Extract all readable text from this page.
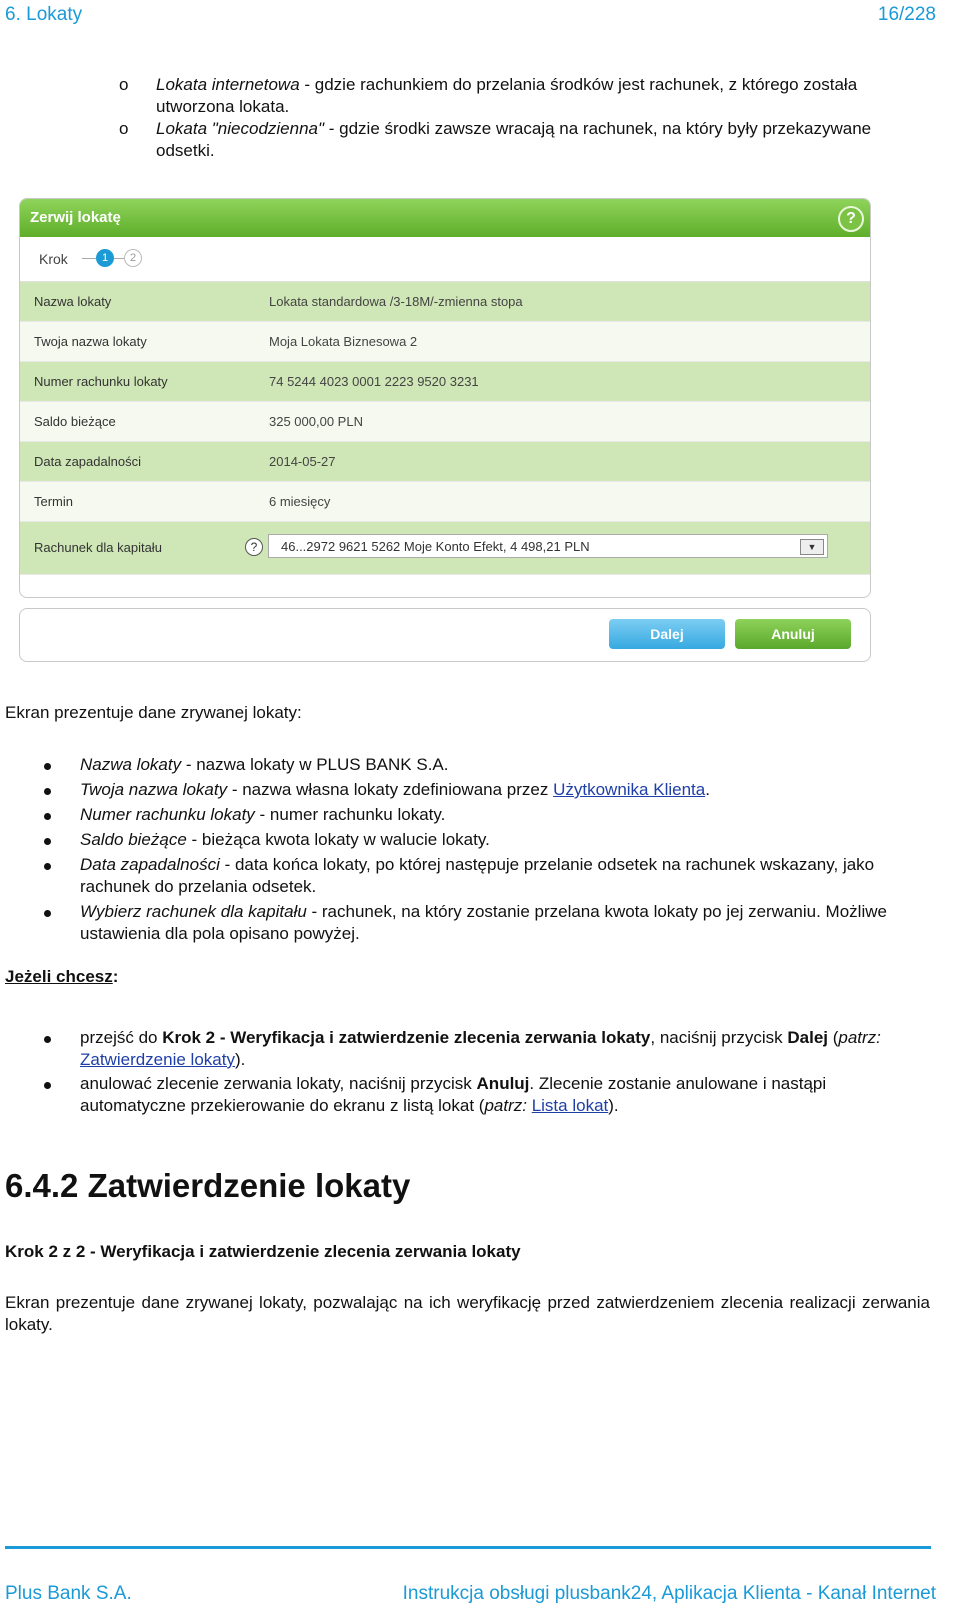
6. Lokaty	16/228
o Lokata internetowa - gdzie rachunkiem do przelania środków jest rachunek, z którego została utworzona lokata.
o Lokata "niecodzienna" - gdzie środki zawsze wracają na rachunek, na który były przekazywane odsetki.
Zerwij lokatę	?
Krok	1	2
Nazwa lokaty	Lokata standardowa /3-18M/-zmienna stopa
Twoja nazwa lokaty	Moja Lokata Biznesowa 2
Numer rachunku lokaty	74 5244 4023 0001 2223 9520 3231
Saldo bieżące	325 000,00 PLN
Data zapadalności	2014-05-27
Termin	6 miesięcy
Rachunek dla kapitału	?	46...2972 9621 5262 Moje Konto Efekt, 4 498,21 PLN	▼
Dalej	Anuluj
Ekran prezentuje dane zrywanej lokaty:
Nazwa lokaty - nazwa lokaty w PLUS BANK S.A.
Twoja nazwa lokaty - nazwa własna lokaty zdefiniowana przez Użytkownika Klienta.
Numer rachunku lokaty - numer rachunku lokaty.
Saldo bieżące - bieżąca kwota lokaty w walucie lokaty.
Data zapadalności - data końca lokaty, po której następuje przelanie odsetek na rachunek wskazany, jako rachunek do przelania odsetek.
Wybierz rachunek dla kapitału - rachunek, na który zostanie przelana kwota lokaty po jej zerwaniu. Możliwe ustawienia dla pola opisano powyżej.
Jeżeli chcesz:
przejść do Krok 2 - Weryfikacja i zatwierdzenie zlecenia zerwania lokaty, naciśnij przycisk Dalej (patrz: Zatwierdzenie lokaty).
anulować zlecenie zerwania lokaty, naciśnij przycisk Anuluj. Zlecenie zostanie anulowane i nastąpi automatyczne przekierowanie do ekranu z listą lokat (patrz: Lista lokat).
6.4.2 Zatwierdzenie lokaty
Krok 2 z 2 - Weryfikacja i zatwierdzenie zlecenia zerwania lokaty
Ekran prezentuje dane zrywanej lokaty, pozwalając na ich weryfikację przed zatwierdzeniem zlecenia realizacji zerwania lokaty.
Plus Bank S.A.	Instrukcja obsługi plusbank24, Aplikacja Klienta - Kanał Internet
